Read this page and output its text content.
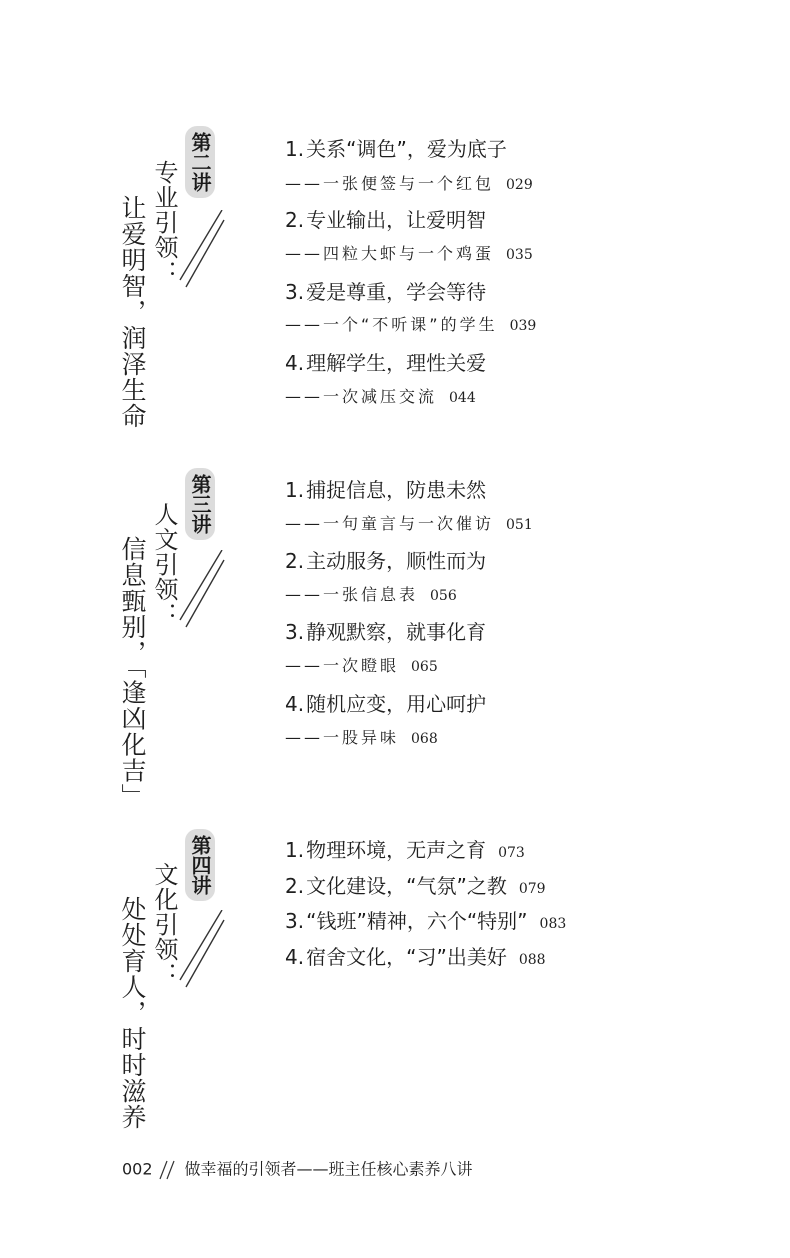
让爱明智，润泽生命 专业引领： 第二讲	1. 关系“调色”，爱为底子
——一张便签与一个红包 029
2. 专业输出，让爱明智
——四粒大虾与一个鸡蛋 035
3. 爱是尊重，学会等待
——一个“不听课”的学生 039
4. 理解学生，理性关爱
——一次减压交流 044
信息甄别，「逢凶化吉」 人文引领： 第三讲	1. 捕捉信息，防患未然
——一句童言与一次催访 051
2. 主动服务，顺性而为
——一张信息表 056
3. 静观默察，就事化育
——一次瞪眼 065
4. 随机应变，用心呵护
——一股异味 068
处处育人，时时滋养 文化引领： 第四讲	1. 物理环境，无声之育 073
2. 文化建设，“气氛”之教 079
3. “钱班”精神，六个“特别” 083
4. 宿舍文化，“习”出美好 088
002 做幸福的引领者——班主任核心素养八讲
